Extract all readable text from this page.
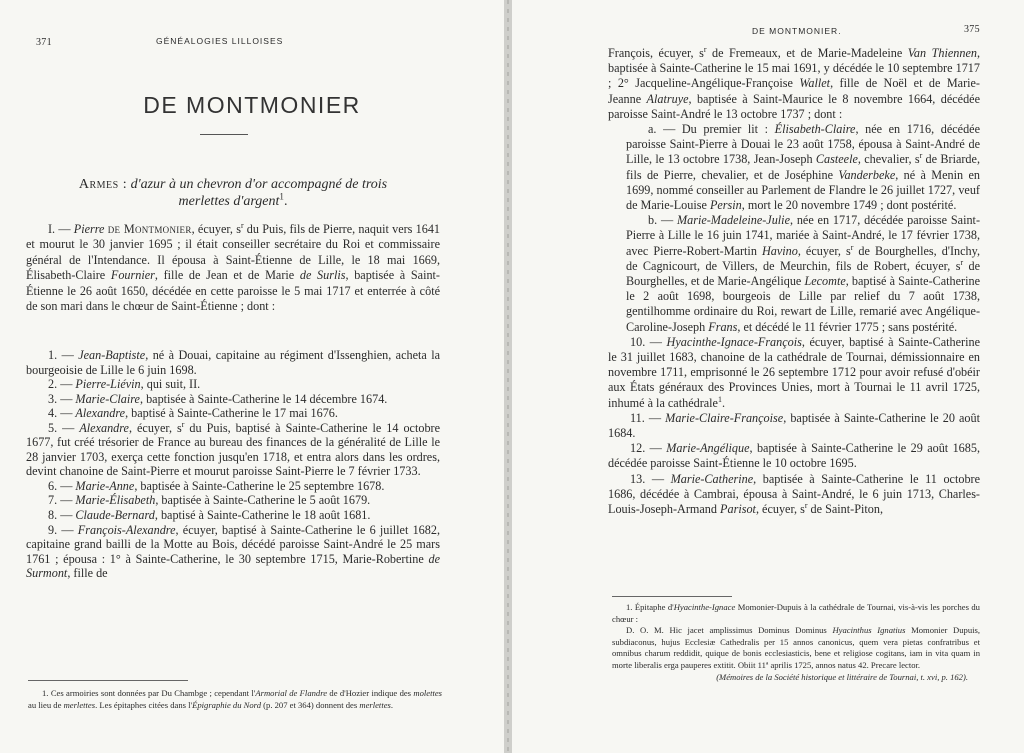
371	GÉNÉALOGIES LILLOISES
DE MONTMONIER
Armes : d'azur à un chevron d'or accompagné de trois
merlettes d'argent$^1$.

I. — Pierre de Montmonier, écuyer, $s^r$ du Puis, fils de Pierre, naquit vers 1641 et mourut le 30 janvier 1695 ; il était conseiller secrétaire du Roi et commissaire général de l'Intendance. Il épousa à Saint-Étienne de Lille, le 18 mai 1669, Élisabeth-Claire Fournier, fille de Jean et de Marie de Surlis, baptisée à Saint-Étienne le 26 août 1650, décédée en cette paroisse le 5 mai 1717 et enterrée à côté de son mari dans le chœur de Saint-Étienne ; dont :

1. — Jean-Baptiste, né à Douai, capitaine au régiment d'Issenghien, acheta la bourgeoisie de Lille le 6 juin 1698.

2. — Pierre-Liévin, qui suit, II.

3. — Marie-Claire, baptisée à Sainte-Catherine le 14 décembre 1674.

4. — Alexandre, baptisé à Sainte-Catherine le 17 mai 1676.

5. — Alexandre, écuyer, $s^r$ du Puis, baptisé à Sainte-Catherine le 14 octobre 1677, fut créé trésorier de France au bureau des finances de la généralité de Lille le 28 janvier 1703, exerça cette fonction jusqu'en 1718, et entra alors dans les ordres, devint chanoine de Saint-Pierre et mourut paroisse Saint-Pierre le 7 février 1733.

6. — Marie-Anne, baptisée à Sainte-Catherine le 25 septembre 1678.

7. — Marie-Élisabeth, baptisée à Sainte-Catherine le 5 août 1679.

8. — Claude-Bernard, baptisé à Sainte-Catherine le 18 août 1681.

9. — François-Alexandre, écuyer, baptisé à Sainte-Catherine le 6 juillet 1682, capitaine grand bailli de la Motte au Bois, décédé paroisse Saint-André le 25 mars 1761 ; épousa : 1° à Sainte-Catherine, le 30 septembre 1715, Marie-Robertine de Surmont, fille de

1. Ces armoiries sont données par Du Chambge ; cependant l'Armorial de Flandre de d'Hozier indique des molettes au lieu de merlettes. Les épitaphes citées dans l'Épigraphie du Nord (p. 207 et 364) donnent des merlettes.

DE MONTMONIER.	375

François, écuyer, $s^r$ de Fremeaux, et de Marie-Madeleine Van Thiennen, baptisée à Sainte-Catherine le 15 mai 1691, y décédée le 10 septembre 1717 ; 2° Jacqueline-Angélique-Françoise Wallet, fille de Noël et de Marie-Jeanne Alatruye, baptisée à Saint-Maurice le 8 novembre 1664, décédée paroisse Saint-André le 13 octobre 1737 ; dont :

a. — Du premier lit : Élisabeth-Claire, née en 1716, décédée paroisse Saint-Pierre à Douai le 23 août 1758, épousa à Saint-André de Lille, le 13 octobre 1738, Jean-Joseph Casteele, chevalier, $s^r$ de Briarde, fils de Pierre, chevalier, et de Joséphine Vanderbeke, né à Menin en 1699, nommé conseiller au Parlement de Flandre le 26 juillet 1727, veuf de Marie-Louise Persin, mort le 20 novembre 1749 ; dont postérité.

b. — Marie-Madeleine-Julie, née en 1717, décédée paroisse Saint-Pierre à Lille le 16 juin 1741, mariée à Saint-André, le 17 février 1738, avec Pierre-Robert-Martin Havino, écuyer, $s^r$ de Bourghelles, d'Inchy, de Cagnicourt, de Villers, de Meurchin, fils de Robert, écuyer, $s^r$ de Bourghelles, et de Marie-Angélique Lecomte, baptisé à Sainte-Catherine le 2 août 1698, bourgeois de Lille par relief du 7 août 1738, gentilhomme ordinaire du Roi, rewart de Lille, remarié avec Angélique-Caroline-Joseph Frans, et décédé le 11 février 1775 ; sans postérité.

10. — Hyacinthe-Ignace-François, écuyer, baptisé à Sainte-Catherine le 31 juillet 1683, chanoine de la cathédrale de Tournai, démissionnaire en novembre 1711, emprisonné le 26 septembre 1712 pour avoir refusé d'obéir aux États généraux des Provinces Unies, mort à Tournai le 11 avril 1725, inhumé à la cathédrale$^1$.

11. — Marie-Claire-Françoise, baptisée à Sainte-Catherine le 20 août 1684.

12. — Marie-Angélique, baptisée à Sainte-Catherine le 29 août 1685, décédée paroisse Saint-Étienne le 10 octobre 1695.

13. — Marie-Catherine, baptisée à Sainte-Catherine le 11 octobre 1686, décédée à Cambrai, épousa à Saint-André, le 6 juin 1713, Charles-Louis-Joseph-Armand Parisot, écuyer, $s^r$ de Saint-Piton,

1. Épitaphe d'Hyacinthe-Ignace Momonier-Dupuis à la cathédrale de Tournai, vis-à-vis les porches du chœur :

D. O. M. Hic jacet amplissimus Dominus Dominus Hyacinthus Ignatius Momonier Dupuis, subdiaconus, hujus Ecclesiæ Cathedralis per 15 annos canonicus, quem vera pietas confratribus et omnibus charum reddidit, quique de bonis ecclesiasticis, bene et religiose cogitans, iam in vita quam in morte liberalis erga pauperes extitit. Obiit 11ª aprilis 1725, annos natus 42. Precare lector.

(Mémoires de la Société historique et littéraire de Tournai, t. xvi, p. 162).
